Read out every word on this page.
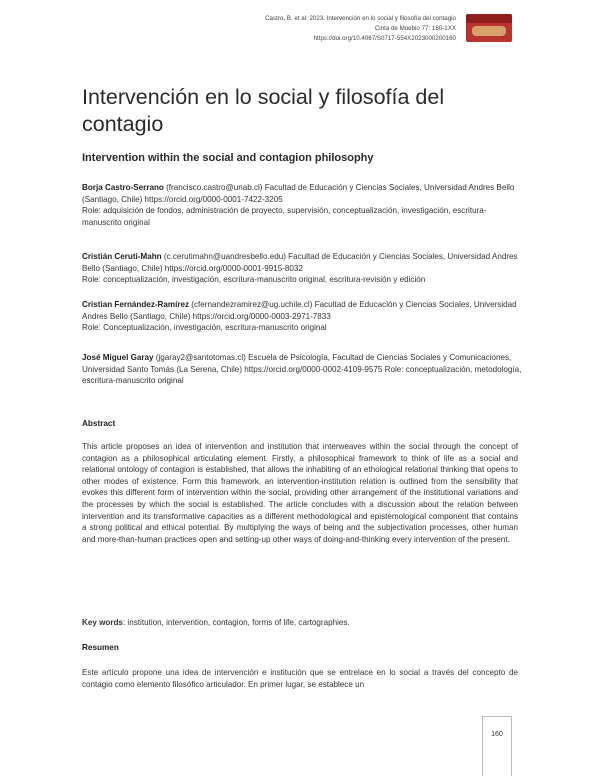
Castro, B. et al. 2023. Intervención en lo social y filosofía del contagio
Cinta de Moebio 77: 160-1XX
https://doi.org/10.4067/S0717-554X2023000200160
Intervención en lo social y filosofía del contagio
Intervention within the social and contagion philosophy
Borja Castro-Serrano (francisco.castro@unab.cl) Facultad de Educación y Ciencias Sociales, Universidad Andres Bello (Santiago, Chile) https://orcid.org/0000-0001-7422-3205
Role: adquisición de fondos, administración de proyecto, supervisión, conceptualización, investigación, escritura-manuscrito original
Cristián Ceruti-Mahn (c.cerutimahn@uandresbello.edu) Facultad de Educación y Ciencias Sociales, Universidad Andres Bello (Santiago, Chile) https://orcid.org/0000-0001-9915-8032
Role: conceptualización, investigación, escritura-manuscrito original, escritura-revisión y edición
Cristian Fernández-Ramírez (cfernandezramirez@ug.uchile.cl) Facultad de Educación y Ciencias Sociales, Universidad Andres Bello (Santiago, Chile) https://orcid.org/0000-0003-2971-7833
Role: Conceptualización, investigación, escritura-manuscrito original
José Miguel Garay (jgaray2@santotomas.cl) Escuela de Psicología, Facultad de Ciencias Sociales y Comunicaciones, Universidad Santo Tomás (La Serena, Chile) https://orcid.org/0000-0002-4109-9575 Role: conceptualización, metodología, escritura-manuscrito original
Abstract

This article proposes an idea of intervention and institution that interweaves within the social through the concept of contagion as a philosophical articulating element. Firstly, a philosophical framework to think of life as a social and relational ontology of contagion is established, that allows the inhabiting of an ethological relational thinking that opens to other modes of existence. Form this framework, an intervention-institution relation is outlined from the sensibility that evokes this different form of intervention within the social, providing other arrangement of the institutional variations and the processes by which the social is established. The article concludes with a discussion about the relation between intervention and its transformative capacities as a different methodological and epistemological component that contains a strong political and ethical potential. By multiplying the ways of being and the subjectivation processes, other human and more-than-human practices open and setting-up other ways of doing-and-thinking every intervention of the present.

Key words: institution, intervention, contagion, forms of life, cartographies.
Resumen

Este artículo propone una idea de intervención e institución que se entrelace en lo social a través del concepto de contagio como elemento filosófico articulador. En primer lugar, se establece un

160
